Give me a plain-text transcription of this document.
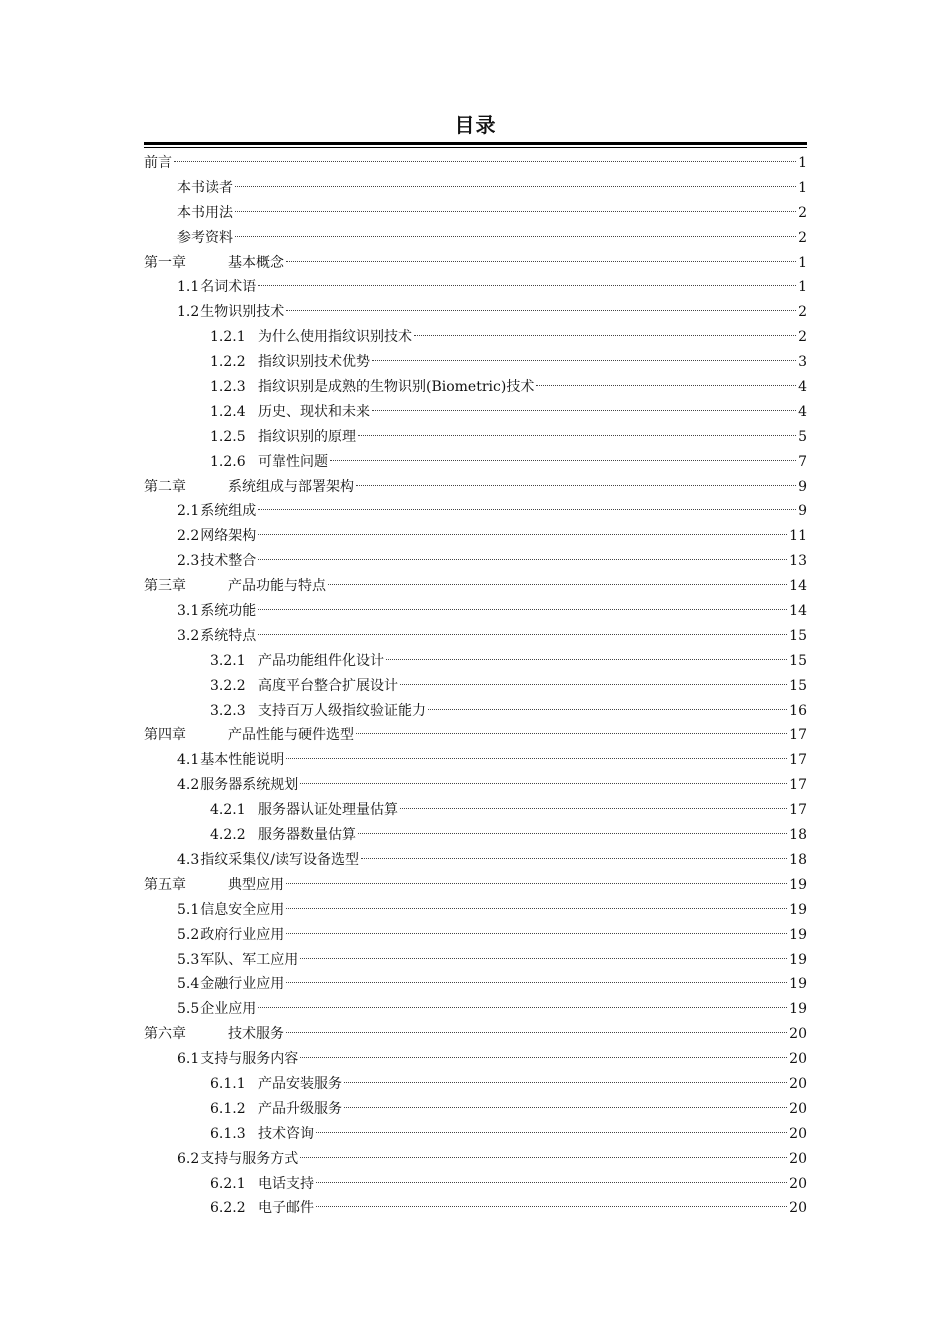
目录
前言	1
本书读者	1
本书用法	2
参考资料	2
第一章	基本概念	1
1.1名词术语	1
1.2生物识别技术	2
1.2.1 为什么使用指纹识别技术	2
1.2.2 指纹识别技术优势	3
1.2.3 指纹识别是成熟的生物识别(Biometric)技术	4
1.2.4 历史、现状和未来	4
1.2.5 指纹识别的原理	5
1.2.6 可靠性问题	7
第二章	系统组成与部署架构	9
2.1系统组成	9
2.2网络架构	11
2.3技术整合	13
第三章	产品功能与特点	14
3.1系统功能	14
3.2系统特点	15
3.2.1 产品功能组件化设计	15
3.2.2 高度平台整合扩展设计	15
3.2.3 支持百万人级指纹验证能力	16
第四章	产品性能与硬件选型	17
4.1基本性能说明	17
4.2服务器系统规划	17
4.2.1 服务器认证处理量估算	17
4.2.2 服务器数量估算	18
4.3指纹采集仪/读写设备选型	18
第五章	典型应用	19
5.1信息安全应用	19
5.2政府行业应用	19
5.3军队、军工应用	19
5.4金融行业应用	19
5.5企业应用	19
第六章	技术服务	20
6.1支持与服务内容	20
6.1.1 产品安装服务	20
6.1.2 产品升级服务	20
6.1.3 技术咨询	20
6.2支持与服务方式	20
6.2.1 电话支持	20
6.2.2 电子邮件	20
